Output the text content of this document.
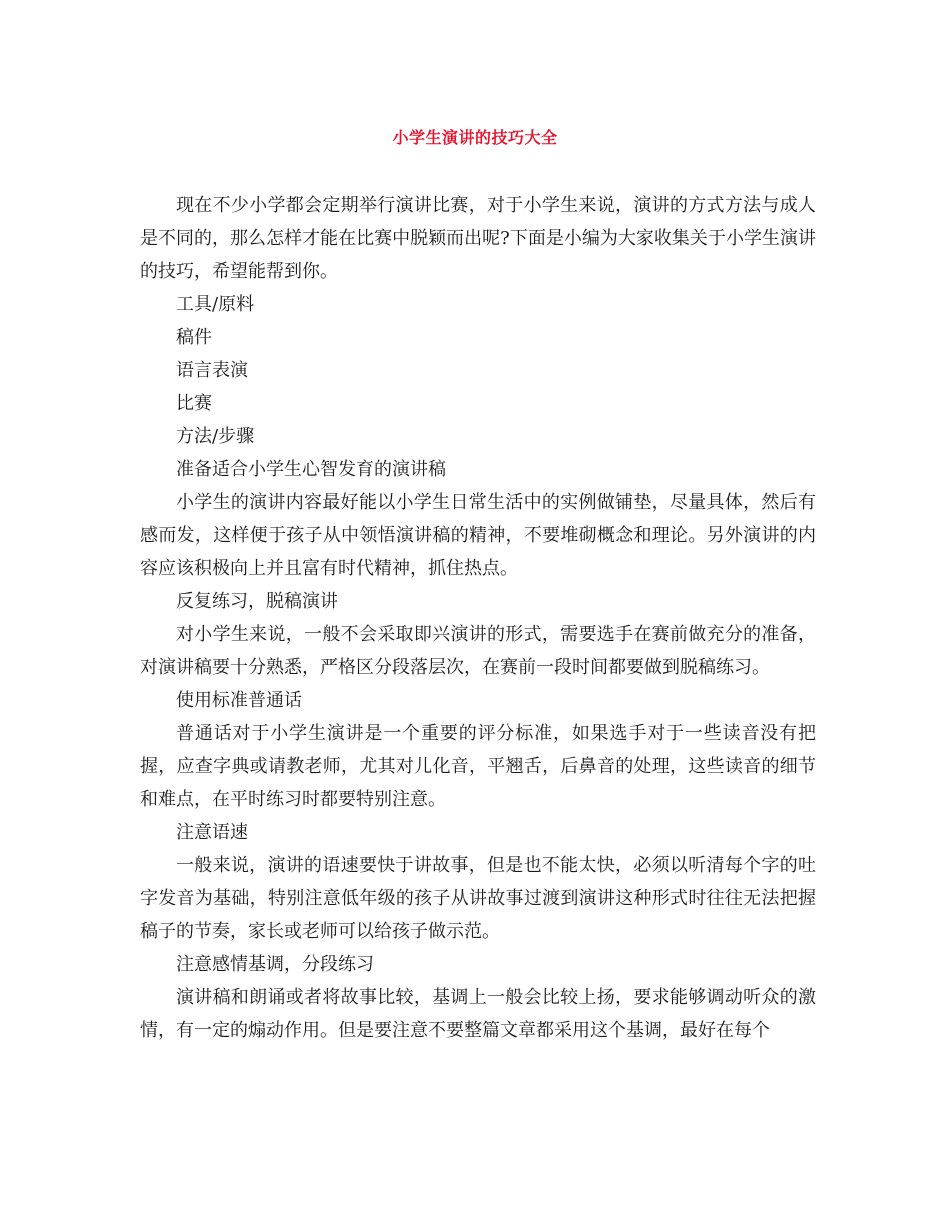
小学生演讲的技巧大全

现在不少小学都会定期举行演讲比赛，对于小学生来说，演讲的方式方法与成人是不同的，那么怎样才能在比赛中脱颖而出呢?下面是小编为大家收集关于小学生演讲的技巧，希望能帮到你。

工具/原料

稿件

语言表演

比赛

方法/步骤

准备适合小学生心智发育的演讲稿

小学生的演讲内容最好能以小学生日常生活中的实例做铺垫，尽量具体，然后有感而发，这样便于孩子从中领悟演讲稿的精神，不要堆砌概念和理论。另外演讲的内容应该积极向上并且富有时代精神，抓住热点。

反复练习，脱稿演讲

对小学生来说，一般不会采取即兴演讲的形式，需要选手在赛前做充分的准备，对演讲稿要十分熟悉，严格区分段落层次，在赛前一段时间都要做到脱稿练习。

使用标准普通话

普通话对于小学生演讲是一个重要的评分标准，如果选手对于一些读音没有把握，应查字典或请教老师，尤其对儿化音，平翘舌，后鼻音的处理，这些读音的细节和难点，在平时练习时都要特别注意。

注意语速

一般来说，演讲的语速要快于讲故事，但是也不能太快，必须以听清每个字的吐字发音为基础，特别注意低年级的孩子从讲故事过渡到演讲这种形式时往往无法把握稿子的节奏，家长或老师可以给孩子做示范。

注意感情基调，分段练习

演讲稿和朗诵或者将故事比较，基调上一般会比较上扬，要求能够调动听众的激情，有一定的煽动作用。但是要注意不要整篇文章都采用这个基调，最好在每个
